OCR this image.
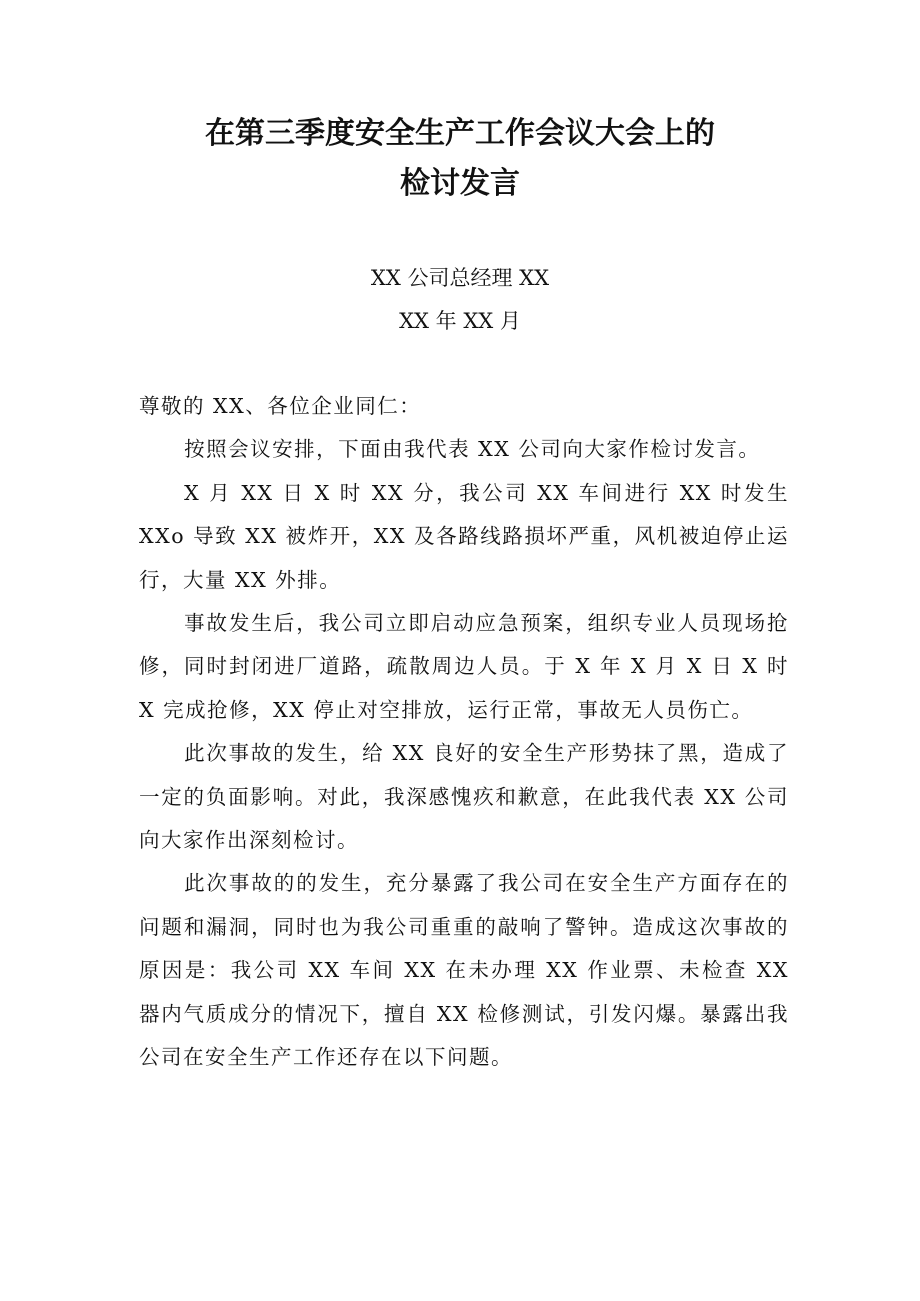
在第三季度安全生产工作会议大会上的
检讨发言
XX 公司总经理 XX
XX 年 XX 月

尊敬的 XX、各位企业同仁：

按照会议安排，下面由我代表 XX 公司向大家作检讨发言。

X 月 XX 日 X 时 XX 分，我公司 XX 车间进行 XX 时发生 XXo 导致 XX 被炸开，XX 及各路线路损坏严重，风机被迫停止运行，大量 XX 外排。

事故发生后，我公司立即启动应急预案，组织专业人员现场抢修，同时封闭进厂道路，疏散周边人员。于 X 年 X 月 X 日 X 时 X 完成抢修，XX 停止对空排放，运行正常，事故无人员伤亡。

此次事故的发生，给 XX 良好的安全生产形势抹了黑，造成了一定的负面影响。对此，我深感愧疚和歉意，在此我代表 XX 公司向大家作出深刻检讨。

此次事故的的发生，充分暴露了我公司在安全生产方面存在的问题和漏洞，同时也为我公司重重的敲响了警钟。造成这次事故的原因是：我公司 XX 车间 XX 在未办理 XX 作业票、未检查 XX 器内气质成分的情况下，擅自 XX 检修测试，引发闪爆。暴露出我公司在安全生产工作还存在以下问题。
